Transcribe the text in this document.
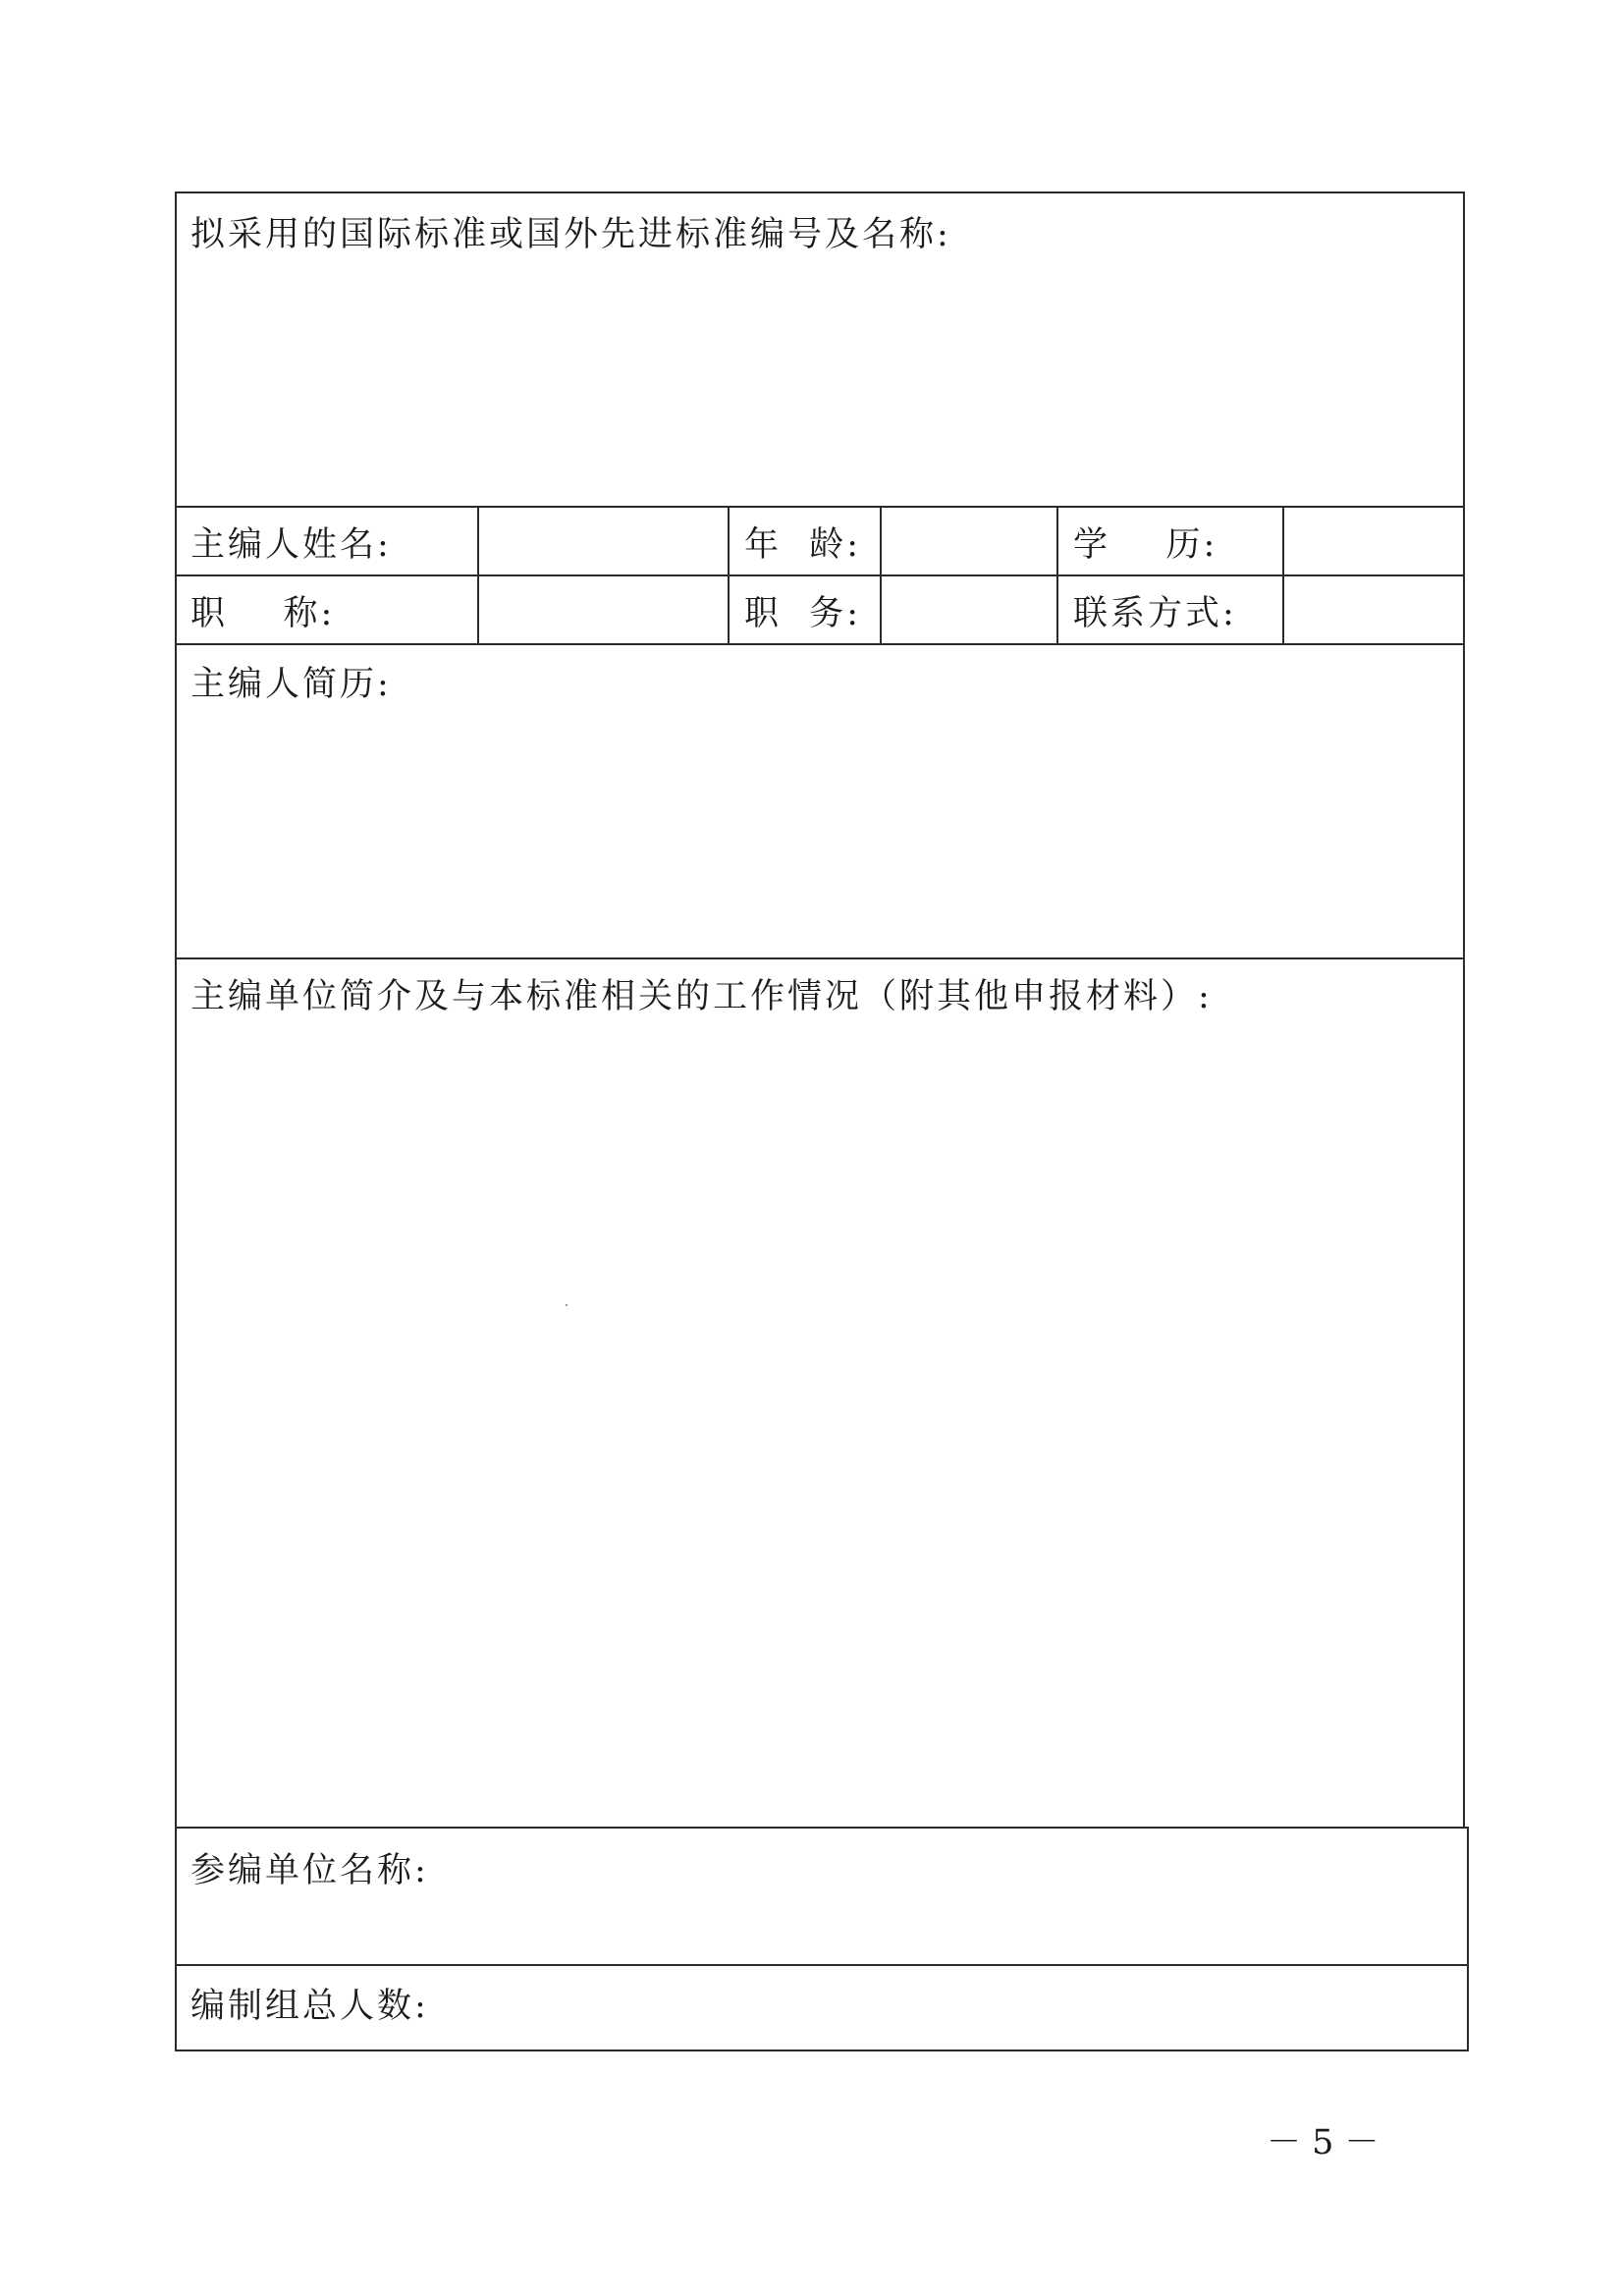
拟采用的国际标准或国外先进标准编号及名称:
主编人姓名:	年  龄:	学    历:
职    称:	职  务:	联系方式:
主编人简历:
主编单位简介及与本标准相关的工作情况（附其他申报材料）:
参编单位名称:
编制组总人数:
－ 5 －
